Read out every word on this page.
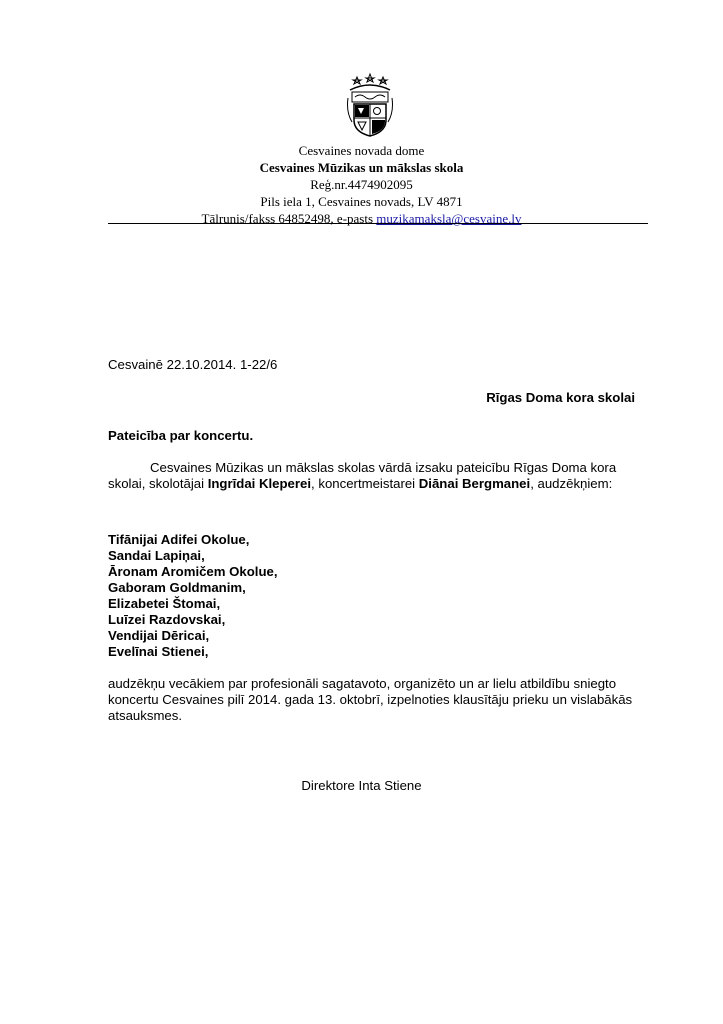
Cesvaines novada dome
Cesvaines Mūzikas un mākslas skola
Reģ.nr.4474902095
Pils iela 1, Cesvaines novads, LV 4871
Tālrunis/fakss 64852498, e-pasts muzikamaksla@cesvaine.lv
Cesvainē 22.10.2014. 1-22/6
Rīgas Doma kora skolai
Pateicība par koncertu.
Cesvaines Mūzikas un mākslas skolas vārdā izsaku pateicību Rīgas Doma kora skolai, skolotājai Ingrīdai Kleperei, koncertmeistarei Diānai Bergmanei, audzēkņiem:
Tifānijai Adifei Okolue,
Sandai Lapiņai,
Āronam Aromičem Okolue,
Gaboram Goldmanim,
Elizabetei Štomai,
Luīzei Razdovskai,
Vendijai Dēricai,
Evelīnai Stienei,
audzēkņu vecākiem par profesionāli sagatavoto, organizēto un ar lielu atbildību sniegto koncertu Cesvaines pilī 2014. gada 13. oktobrī, izpelnoties klausītāju prieku un vislabākās atsauksmes.
Direktore Inta Stiene
